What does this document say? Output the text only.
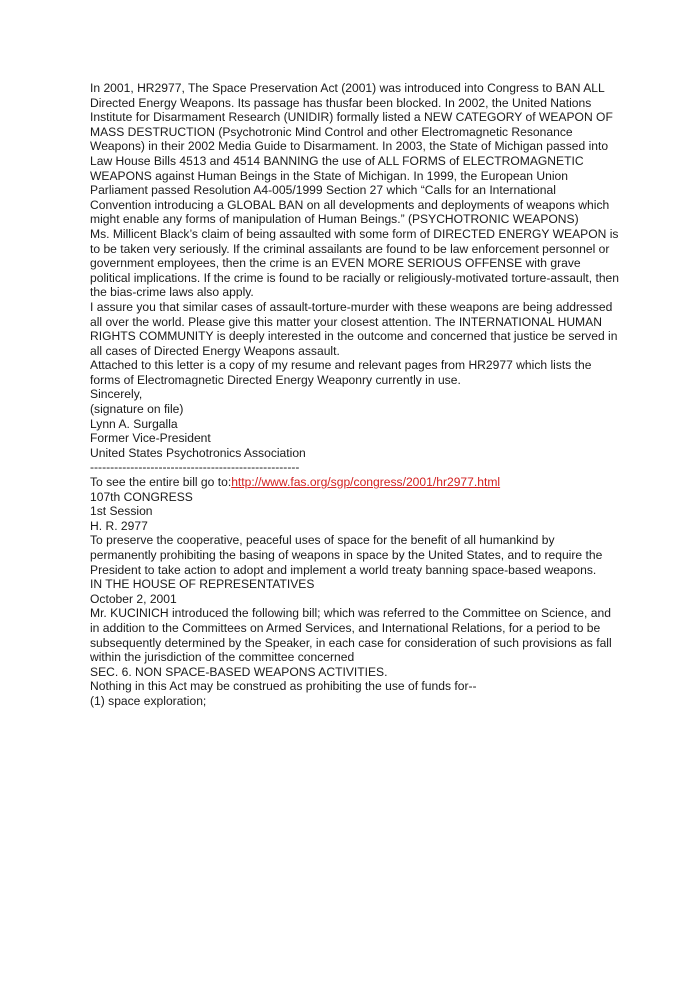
In 2001, HR2977, The Space Preservation Act (2001) was introduced into Congress to BAN ALL Directed Energy Weapons. Its passage has thusfar been blocked. In 2002, the United Nations Institute for Disarmament Research (UNIDIR) formally listed a NEW CATEGORY of WEAPON OF MASS DESTRUCTION (Psychotronic Mind Control and other Electromagnetic Resonance Weapons) in their 2002 Media Guide to Disarmament. In 2003, the State of Michigan passed into Law House Bills 4513 and 4514 BANNING the use of ALL FORMS of ELECTROMAGNETIC WEAPONS against Human Beings in the State of Michigan. In 1999, the European Union Parliament passed Resolution A4-005/1999 Section 27 which “Calls for an International Convention introducing a GLOBAL BAN on all developments and deployments of weapons which might enable any forms of manipulation of Human Beings.” (PSYCHOTRONIC WEAPONS)

Ms. Millicent Black’s claim of being assaulted with some form of DIRECTED ENERGY WEAPON is to be taken very seriously. If the criminal assailants are found to be law enforcement personnel or government employees, then the crime is an EVEN MORE SERIOUS OFFENSE with grave political implications. If the crime is found to be racially or religiously-motivated torture-assault, then the bias-crime laws also apply.

I assure you that similar cases of assault-torture-murder with these weapons are being addressed all over the world. Please give this matter your closest attention. The INTERNATIONAL HUMAN RIGHTS COMMUNITY is deeply interested in the outcome and concerned that justice be served in all cases of Directed Energy Weapons assault.

Attached to this letter is a copy of my resume and relevant pages from HR2977 which lists the forms of Electromagnetic Directed Energy Weaponry currently in use.

Sincerely,

(signature on file)

Lynn A. Surgalla

Former Vice-President

United States Psychotronics Association

----------------------------------------------------

To see the entire bill go to:http://www.fas.org/sgp/congress/2001/hr2977.html

107th CONGRESS

1st Session

H. R. 2977

To preserve the cooperative, peaceful uses of space for the benefit of all humankind by permanently prohibiting the basing of weapons in space by the United States, and to require the President to take action to adopt and implement a world treaty banning space-based weapons.

IN THE HOUSE OF REPRESENTATIVES

October 2, 2001

Mr. KUCINICH introduced the following bill; which was referred to the Committee on Science, and in addition to the Committees on Armed Services, and International Relations, for a period to be subsequently determined by the Speaker, in each case for consideration of such provisions as fall within the jurisdiction of the committee concerned

SEC. 6. NON SPACE-BASED WEAPONS ACTIVITIES.

Nothing in this Act may be construed as prohibiting the use of funds for--

(1) space exploration;
